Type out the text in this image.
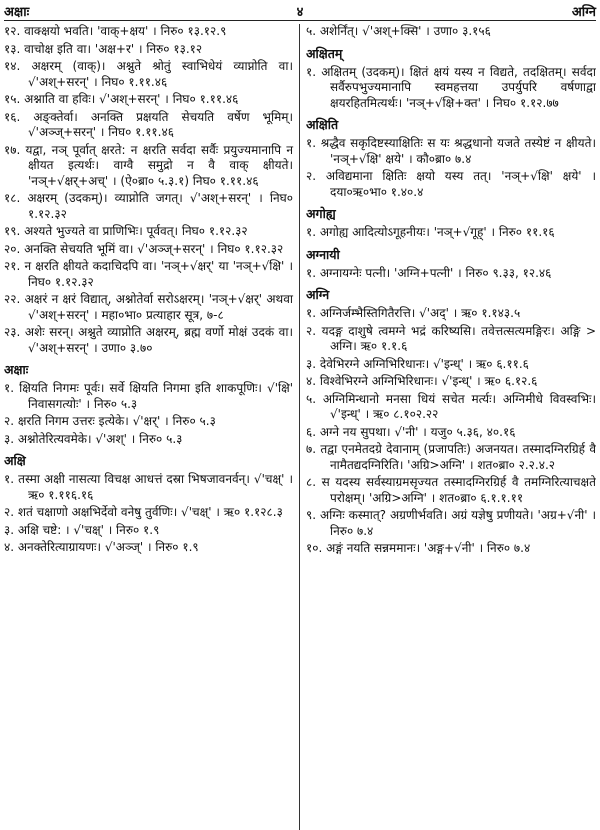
अक्षाः	४	अग्नि
१२. वाक्क्षयो भवति। 'वाक्+क्षय' । निरु० १३.१२.९
१३. वाचोक्ष इति वा। 'अक्ष+र' । निरु० १३.१२
१४. अक्षरम् (वाक्)। अश्नुते श्रोतुं स्वाभिधेयं व्याप्नोति वा। √'अश्+सरन्' । निघ० १.११.४६
१५. अश्नाति वा हविः। √'अश्+सरन्' । निघ० १.११.४६
१६. अङ्क्तेर्वा। अनक्ति प्रक्षयति सेचयति वर्षेण भूमिम्। √'अञ्ज्+सरन्' । निघ० १.११.४६
१७. यद्वा, नञ् पूर्वात् क्षरते: न क्षरति सर्वदा सर्वैः प्रयुज्यमानापि न क्षीयत इत्यर्थः। वाग्वै समुद्रो न वै वाक् क्षीयते। 'नञ्+√क्षर्+अच्' । (ऐ०ब्रा० ५.३.१) निघ० १.११.४६
१८. अक्षरम् (उदकम्)। व्याप्नोति जगत्। √'अश्+सरन्' । निघ० १.१२.३२
१९. अश्यते भुज्यते वा प्राणिभिः। पूर्ववत्। निघ० १.१२.३२
२०. अनक्ति सेचयति भूमिं वा। √'अञ्ज्+सरन्' । निघ० १.१२.३२
२१. न क्षरति क्षीयते कदाचिदपि वा। 'नञ्+√क्षर्' या 'नञ्+√क्षि' । निघ० १.१२.३२
२२. अक्षरं न क्षरं विद्यात्, अश्नोतेर्वा सरोऽक्षरम्। 'नञ्+√क्षर्' अथवा √'अश्+सरन्' । महा०भा० प्रत्याहार सूत्र, ७-८
२३. अशेः सरन्। अश्नुते व्याप्नोति अक्षरम्, ब्रह्म वर्णो मोक्षं उदकं वा। √'अश्+सरन्' । उणा० ३.७०
अक्षाः
१. क्षियति निगमः पूर्वः। सर्वे क्षियति निगमा इति शाकपूणिः। √'क्षि' निवासगत्योः' । निरु० ५.३
२. क्षरति निगम उत्तरः इत्येके। √'क्षर्' । निरु० ५.३
३. अश्नोतेरित्यवमेके। √'अश्' । निरु० ५.३
अक्षि
१. तस्मा अक्षी नासत्या विचक्ष आधत्तं दस्रा भिषजावनर्वन्। √'चक्ष्' । ऋ० १.११६.१६
२. शतं चक्षाणो अक्षभिर्देवो वनेषु तुर्वणिः। √'चक्ष्' । ऋ० १.१२८.३
३. अक्षि चष्टे: । √'चक्ष्' । निरु० १.९
४. अनक्तेरित्याग्रायणः। √'अञ्ज्' । निरु० १.९
५. अशेर्निंत्। √'अश्+क्सि' । उणा० ३.१५६
अक्षितम्
१. अक्षितम् (उदकम्)। क्षितं क्षयं यस्य न विद्यते, तदक्षितम्। सर्वदा सर्वैरुपभुज्यमानापि स्वमहत्तया उपर्युपरि वर्षणाद्वा क्षयरहितमित्यर्थः। 'नञ्+√क्षि+क्त' । निघ० १.१२.७७
अक्षिति
१. श्रद्धैव सकृदिष्टस्याक्षितिः स यः श्रद्धधानो यजते तस्येष्टं न क्षीयते। 'नञ्+√क्षि' क्षये' । कौ०ब्रा० ७.४
२. अविद्यमाना क्षितिः क्षयो यस्य तत्। 'नञ्+√क्षि' क्षये' । दया०ऋ०भा० १.४०.४
अगोह्य
१. अगोह्य आदित्योऽगूहनीयः। 'नञ्+√गूह्' । निरु० ११.१६
अग्नायी
१. अग्नायग्नेः पत्नी। 'अग्नि+पत्नी' । निरु० ९.३३, १२.४६
अग्नि
१. अग्निर्जम्भैस्तिगितैरत्ति। √'अद्' । ऋ० १.१४३.५
२. यदङ्ग दाशुषे त्वमग्ने भद्रं करिष्यसि। तवेत्तत्सत्यमङ्गिरः। अङ्गि > अग्नि। ऋ० १.१.६
३. देवेभिरग्ने अग्निभिरिधानः। √'इन्ध्' । ऋ० ६.११.६
४. विश्वेभिरग्ने अग्निभिरिधानः। √'इन्ध्' । ऋ० ६.१२.६
५. अग्निमिन्धानो मनसा धियं सचेत मर्त्यः। अग्निमीधे विवस्वभिः। √'इन्ध्' । ऋ० ८.१०२.२२
६. अग्ने नय सुपथा। √'नी' । यजु० ५.३६, ४०.१६
७. तद्वा एनमेतदग्रे देवानाम् (प्रजापतिः) अजनयत। तस्मादग्निरग्रिर्ह वै नामैतद्यदग्निरिति। 'अग्रि>अग्नि' । शत०ब्रा० २.२.४.२
८. स यदस्य सर्वस्याग्रमसृज्यत तस्मादग्निरग्रिर्ह वै तमग्निरित्याचक्षते परोक्षम्। 'अग्रि>अग्नि' । शत०ब्रा० ६.१.१.११
९. अग्निः कस्मात्? अग्रणीर्भवति। अग्रं यज्ञेषु प्रणीयते। 'अग्र+√नी' । निरु० ७.४
१०. अङ्गं नयति सन्नममानः। 'अङ्ग+√नी' । निरु० ७.४
